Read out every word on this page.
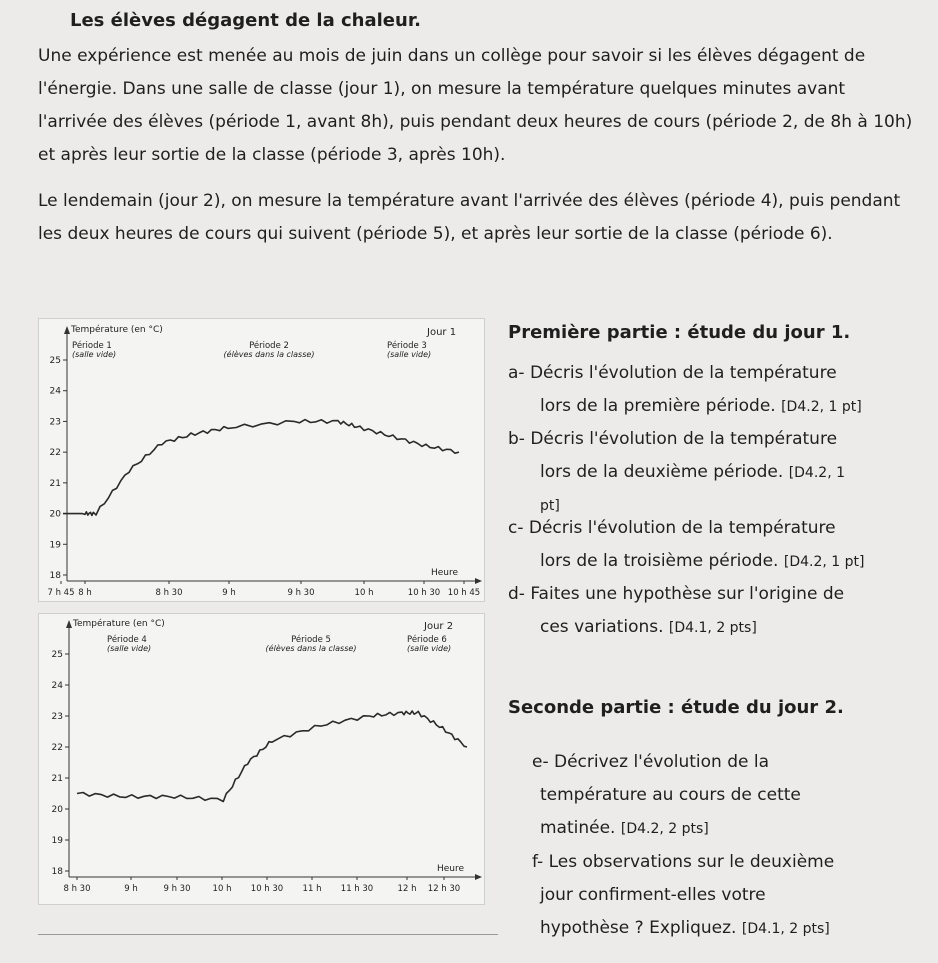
Les élèves dégagent de la chaleur.
Une expérience est menée au mois de juin dans un collège pour savoir si les élèves dégagent de l'énergie. Dans une salle de classe (jour 1), on mesure la température quelques minutes avant l'arrivée des élèves (période 1, avant 8h), puis pendant deux heures de cours (période 2, de 8h à 10h) et après leur sortie de la classe (période 3, après 10h).
Le lendemain (jour 2), on mesure la température avant l'arrivée des élèves (période 4), puis pendant les deux heures de cours qui suivent (période 5), et après leur sortie de la classe (période 6).
25
24
23
22
21
20
19
18
7 h 45 8 h	8 h 30	9 h	9 h 30	10 h	10 h 30 10 h 45
Température (en °C)	Jour 1
Heure
Période 1
(salle vide)
Période 2
(élèves dans la classe)
Période 3
(salle vide)
25
24
23
22
21
20
19
18
8 h 30	9 h	9 h 30	10 h 10 h 30 11 h 11 h 30	12 h 12 h 30
Température (en °C)	Jour 2
Heure
Période 4
(salle vide)
Période 5
(élèves dans la classe)
Période 6
(salle vide)
Première partie : étude du jour 1.
a- Décris l'évolution de la température
lors de la première période. [D4.2, 1 pt]
b- Décris l'évolution de la température
lors de la deuxième période. [D4.2, 1
pt]
c- Décris l'évolution de la température
lors de la troisième période. [D4.2, 1 pt]
d- Faites une hypothèse sur l'origine de
ces variations. [D4.1, 2 pts]
Seconde partie : étude du jour 2.
e- Décrivez l'évolution de la
température au cours de cette
matinée. [D4.2, 2 pts]
f- Les observations sur le deuxième
jour confirment-elles votre
hypothèse ? Expliquez. [D4.1, 2 pts]
